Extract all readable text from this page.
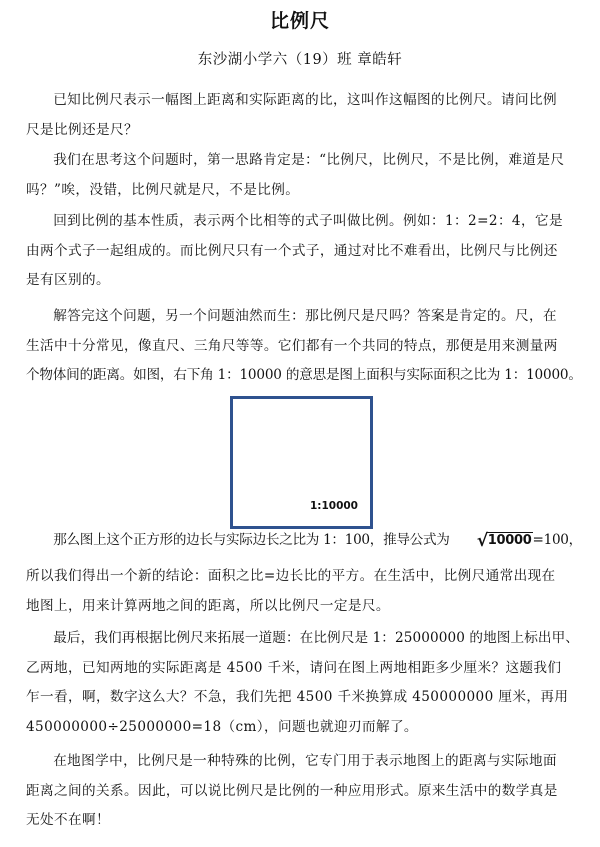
比例尺
东沙湖小学六（19）班 章皓轩
已知比例尺表示一幅图上距离和实际距离的比，这叫作这幅图的比例尺。请问比例
尺是比例还是尺？
我们在思考这个问题时，第一思路肯定是：“比例尺，比例尺，不是比例，难道是尺
吗？”唉，没错，比例尺就是尺，不是比例。
回到比例的基本性质，表示两个比相等的式子叫做比例。例如：1：2=2：4，它是
由两个式子一起组成的。而比例尺只有一个式子，通过对比不难看出，比例尺与比例还
是有区别的。
解答完这个问题，另一个问题油然而生：那比例尺是尺吗？答案是肯定的。尺，在
生活中十分常见，像直尺、三角尺等等。它们都有一个共同的特点，那便是用来测量两
个物体间的距离。如图，右下角 1：10000 的意思是图上面积与实际面积之比为 1：10000。
1:10000
那么图上这个正方形的边长与实际边长之比为 1：100，推导公式为 √10000=100，
所以我们得出一个新的结论：面积之比=边长比的平方。在生活中，比例尺通常出现在
地图上，用来计算两地之间的距离，所以比例尺一定是尺。
最后，我们再根据比例尺来拓展一道题：在比例尺是 1：25000000 的地图上标出甲、
乙两地，已知两地的实际距离是 4500 千米，请问在图上两地相距多少厘米？这题我们
乍一看，啊，数字这么大？不急，我们先把 4500 千米换算成 450000000 厘米，再用
450000000÷25000000=18（cm），问题也就迎刃而解了。
在地图学中，比例尺是一种特殊的比例，它专门用于表示地图上的距离与实际地面
距离之间的关系。因此，可以说比例尺是比例的一种应用形式。原来生活中的数学真是
无处不在啊！
